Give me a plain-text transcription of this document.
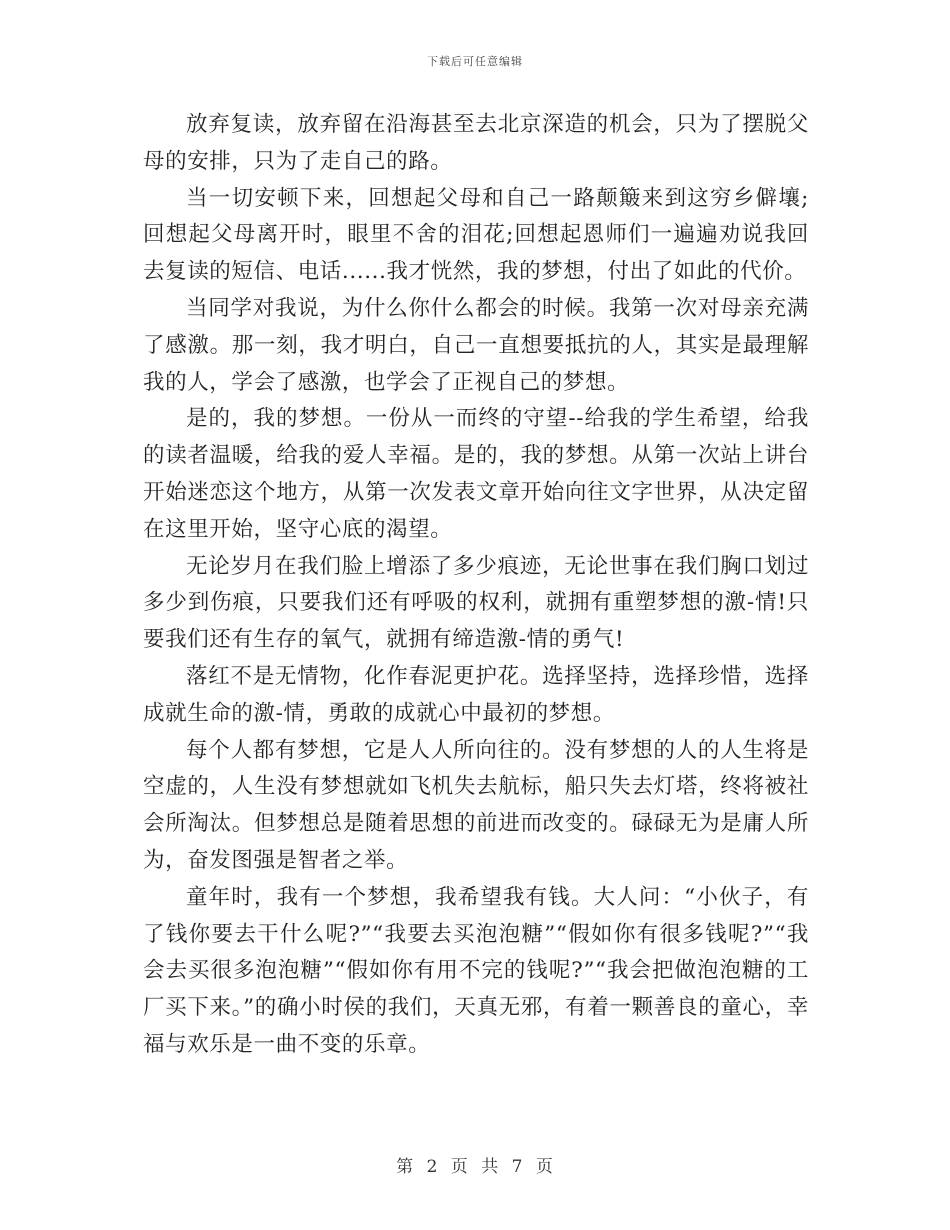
下载后可任意编辑

放弃复读，放弃留在沿海甚至去北京深造的机会，只为了摆脱父母的安排，只为了走自己的路。

当一切安顿下来，回想起父母和自己一路颠簸来到这穷乡僻壤;回想起父母离开时，眼里不舍的泪花;回想起恩师们一遍遍劝说我回去复读的短信、电话......我才恍然，我的梦想，付出了如此的代价。

当同学对我说，为什么你什么都会的时候。我第一次对母亲充满了感激。那一刻，我才明白，自己一直想要抵抗的人，其实是最理解我的人，学会了感激，也学会了正视自己的梦想。

是的，我的梦想。一份从一而终的守望--给我的学生希望，给我的读者温暖，给我的爱人幸福。是的，我的梦想。从第一次站上讲台开始迷恋这个地方，从第一次发表文章开始向往文字世界，从决定留在这里开始，坚守心底的渴望。

无论岁月在我们脸上增添了多少痕迹，无论世事在我们胸口划过多少到伤痕，只要我们还有呼吸的权利，就拥有重塑梦想的激-情!只要我们还有生存的氧气，就拥有缔造激-情的勇气!

落红不是无情物，化作春泥更护花。选择坚持，选择珍惜，选择成就生命的激-情，勇敢的成就心中最初的梦想。

每个人都有梦想，它是人人所向往的。没有梦想的人的人生将是空虚的，人生没有梦想就如飞机失去航标，船只失去灯塔，终将被社会所淘汰。但梦想总是随着思想的前进而改变的。碌碌无为是庸人所为，奋发图强是智者之举。

童年时，我有一个梦想，我希望我有钱。大人问：“小伙子，有了钱你要去干什么呢?”“我要去买泡泡糖”“假如你有很多钱呢?”“我会去买很多泡泡糖”“假如你有用不完的钱呢?”“我会把做泡泡糖的工厂买下来。”的确小时侯的我们，天真无邪，有着一颗善良的童心，幸福与欢乐是一曲不变的乐章。

第 2 页 共 7 页
